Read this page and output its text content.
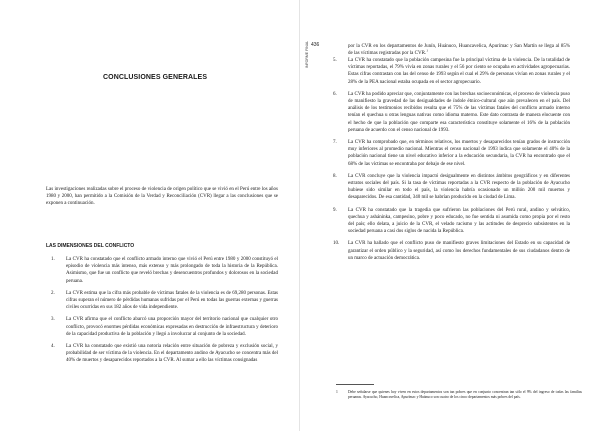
CONCLUSIONES GENERALES

Las investigaciones realizadas sobre el proceso de violencia de origen político que se vivió en el Perú entre los años 1980 y 2000, han permitido a la Comisión de la Verdad y Reconciliación (CVR) llegar a las conclusiones que se exponen a continuación.

LAS DIMENSIONES DEL CONFLICTO
1. La CVR ha constatado que el conflicto armado interno que vivió el Perú entre 1980 y 2000 constituyó el episodio de violencia más intenso, más extenso y más prolongado de toda la historia de la República. Asimismo, que fue un conflicto que reveló brechas y desencuentros profundos y dolorosos en la sociedad peruana.
2. La CVR estima que la cifra más probable de víctimas fatales de la violencia es de 69,280 personas. Estas cifras superan el número de pérdidas humanas sufridas por el Perú en todas las guerras externas y guerras civiles ocurridas en sus 182 años de vida independiente.
3. La CVR afirma que el conflicto abarcó una proporción mayor del territorio nacional que cualquier otro conflicto, provocó enormes pérdidas económicas expresadas en destrucción de infraestructura y deterioro de la capacidad productiva de la población y llegó a involucrar al conjunto de la sociedad.
4. La CVR ha constatado que existió una notoria relación entre situación de pobreza y exclusión social, y probabilidad de ser víctima de la violencia. En el departamento andino de Ayacucho se concentra más del 40% de muertos y desaparecidos reportados a la CVR. Al sumar a ello las víctimas consignadas

436

INFORME FINAL	por la CVR en los departamentos de Junín, Huánuco, Huancavelica, Apurímac y San Martín se llega al 85% de las víctimas registradas por la CVR.$^1$

5. La CVR ha constatado que la población campesina fue la principal víctima de la violencia. De la totalidad de víctimas reportadas, el 79% vivía en zonas rurales y el 56 por ciento se ocupaba en actividades agropecuarias. Estas cifras contrastan con las del censo de 1993 según el cual el 29% de personas vivían en zonas rurales y el 28% de la PEA nacional estaba ocupada en el sector agropecuario.
6. La CVR ha podido apreciar que, conjuntamente con las brechas socioeconómicas, el proceso de violencia puso de manifiesto la gravedad de las desigualdades de índole étnico-cultural que aún prevalecen en el país. Del análisis de los testimonios recibidos resulta que el 75% de las víctimas fatales del conflicto armado interno tenían el quechua u otras lenguas nativas como idioma materno. Este dato contrasta de manera elocuente con el hecho de que la población que comparte esa característica constituye solamente el 16% de la población peruana de acuerdo con el censo nacional de 1993.
7. La CVR ha comprobado que, en términos relativos, los muertos y desaparecidos tenían grados de instrucción muy inferiores al promedio nacional. Mientras el censo nacional de 1993 indica que solamente el 40% de la población nacional tiene un nivel educativo inferior a la educación secundaria, la CVR ha encontrado que el 68% de las víctimas se encontraba por debajo de ese nivel.
8. La CVR concluye que la violencia impactó desigualmente en distintos ámbitos geográficos y en diferentes estratos sociales del país. Si la tasa de víctimas reportadas a la CVR respecto de la población de Ayacucho hubiese sido similar en todo el país, la violencia habría ocasionado un millón 200 mil muertos y desaparecidos. De esa cantidad, 340 mil se habrían producido en la ciudad de Lima.
9. La CVR ha constatado que la tragedia que sufrieron las poblaciones del Perú rural, andino y selvático, quechua y asháninka, campesino, pobre y poco educado, no fue sentida ni asumida como propia por el resto del país; ello delata, a juicio de la CVR, el velado racismo y las actitudes de desprecio subsistentes en la sociedad peruana a casi dos siglos de nacida la República.
10. La CVR ha hallado que el conflicto puso de manifiesto graves limitaciones del Estado en su capacidad de garantizar el orden público y la seguridad, así como los derechos fundamentales de sus ciudadanos dentro de un marco de actuación democrática.

1	Debe señalarse que quienes hoy viven en estos departamentos son tan pobres que en conjunto concentran tan sólo el 9% del ingreso de todas las familias peruanas. Ayacucho, Huancavelica, Apurímac y Huánuco son cuatro de los cinco departamentos más pobres del país.
